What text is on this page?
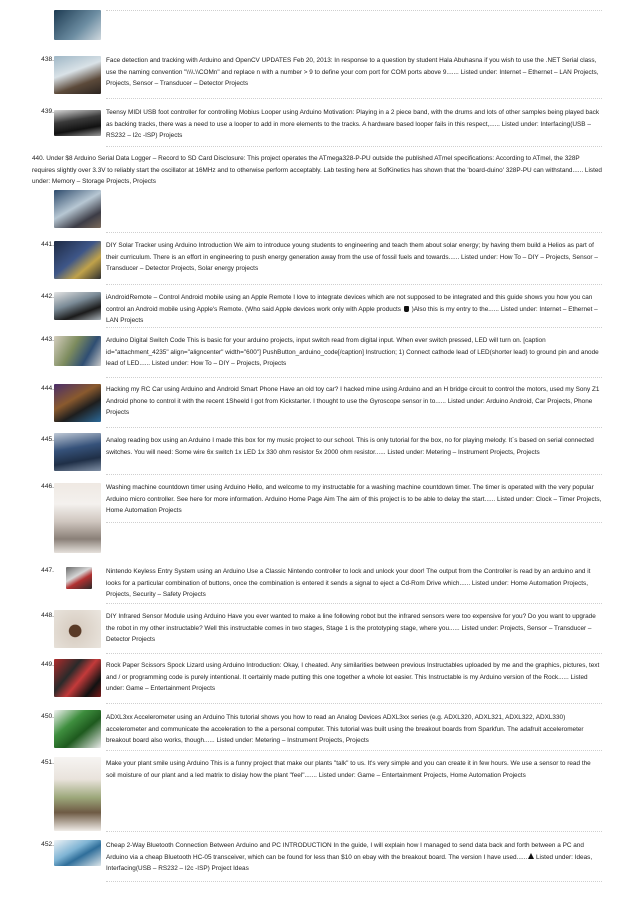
438.	Face detection and tracking with Arduino and OpenCV UPDATES Feb 20, 2013: In response to a question by student Hala Abuhasna if you wish to use the .NET Serial class, use the naming convention "\\\\.\\COMn" and replace n with a number > 9 to define your com port for COM ports above 9....... Listed under: Internet – Ethernet – LAN Projects, Projects, Sensor – Transducer – Detector Projects

439.	Teensy MIDI USB foot controller for controlling Mobius Looper using Arduino Motivation: Playing in a 2 piece band, with the drums and lots of other samples being played back as backing tracks, there was a need to use a looper to add in more elements to the tracks. A hardware based looper fails in this respect,...... Listed under: Interfacing(USB – RS232 – I2c -ISP) Projects

440. Under $8 Arduino Serial Data Logger – Record to SD Card Disclosure: This project operates the ATmega328-P-PU outside the published ATmel specifications: According to ATmel, the 328P requires slightly over 3.3V to reliably start the oscillator at 16MHz and to otherwise perform acceptably. Lab testing here at SofKinetics has shown that the 'board-duino' 328P-PU can withstand...... Listed under: Memory – Storage Projects, Projects
441.	DIY Solar Tracker using Arduino Introduction We aim to introduce young students to engineering and teach them about solar energy; by having them build a Helios as part of their curriculum. There is an effort in engineering to push energy generation away from the use of fossil fuels and towards...... Listed under: How To – DIY – Projects, Sensor – Transducer – Detector Projects, Solar energy projects

442.	iAndroidRemote – Control Android mobile using an Apple Remote I love to integrate devices which are not supposed to be integrated and this guide shows you how you can control an Android mobile using Apple's Remote. (Who said Apple devices work only with Apple products )Also this is my entry to the...... Listed under: Internet – Ethernet – LAN Projects

443.	Arduino Digital Switch Code This is basic for your arduino projects, input switch read from digital input. When ever switch pressed, LED will turn on. [caption id="attachment_4235" align="aligncenter" width="600"] PushButton_arduino_code[/caption] Instruction; 1) Connect cathode lead of LED(shorter lead) to ground pin and anode lead of LED...... Listed under: How To – DIY – Projects, Projects

444.	Hacking my RC Car using Arduino and Android Smart Phone Have an old toy car? I hacked mine using Arduino and an H bridge circuit to control the motors, used my Sony Z1 Android phone to control it with the recent 1Sheeld I got from Kickstarter. I thought to use the Gyroscope sensor in to...... Listed under: Arduino Android, Car Projects, Phone Projects

445.	Analog reading box using an Arduino I made this box for my music project to our school. This is only tutorial for the box, no for playing melody. It´s based on serial connected switches. You will need: Some wire 6x switch 1x LED 1x 330 ohm resistor 5x 2000 ohm resistor...... Listed under: Metering – Instrument Projects, Projects

446.	Washing machine countdown timer using Arduino Hello, and welcome to my instructable for a washing machine countdown timer. The timer is operated with the very popular Arduino micro controller. See here for more information. Arduino Home Page Aim The aim of this project is to be able to delay the start...... Listed under: Clock – Timer Projects, Home Automation Projects

447.	Nintendo Keyless Entry System using an Arduino Use a Classic Nintendo controller to lock and unlock your door! The output from the Controller is read by an arduino and it looks for a particular combination of buttons, once the combination is entered it sends a signal to eject a Cd-Rom Drive which...... Listed under: Home Automation Projects, Projects, Security – Safety Projects

448.	DIY Infrared Sensor Module using Arduino Have you ever wanted to make a line following robot but the infrared sensors were too expensive for you? Do you want to upgrade the robot in my other instructable? Well this instructable comes in two stages, Stage 1 is the prototyping stage, where you...... Listed under: Projects, Sensor – Transducer – Detector Projects

449.	Rock Paper Scissors Spock Lizard using Arduino Introduction: Okay, I cheated. Any similarities between previous Instructables uploaded by me and the graphics, pictures, text and / or programming code is purely intentional. It certainly made putting this one together a whole lot easier. This Instructable is my Arduino version of the Rock...... Listed under: Game – Entertainment Projects

450.	ADXL3xx Accelerometer using an Arduino This tutorial shows you how to read an Analog Devices ADXL3xx series (e.g. ADXL320, ADXL321, ADXL322, ADXL330) accelerometer and communicate the acceleration to the a personal computer. This tutorial was built using the breakout boards from Sparkfun. The adafruit accelerometer breakout board also works, though...... Listed under: Metering – Instrument Projects, Projects

451.	Make your plant smile using Arduino This is a funny project that make our plants "talk" to us. It's very simple and you can create it in few hours. We use a sensor to read the soil moisture of our plant and a led matrix to dislay how the plant "feel"....... Listed under: Game – Entertainment Projects, Home Automation Projects

452.	Cheap 2-Way Bluetooth Connection Between Arduino and PC INTRODUCTION In the guide, I will explain how I managed to send data back and forth between a PC and Arduino via a cheap Bluetooth HC-05 transceiver, which can be found for less than $10 on ebay with the breakout board. The version I have used...... Listed under: Ideas, Interfacing(USB – RS232 – I2c -ISP) Project Ideas
